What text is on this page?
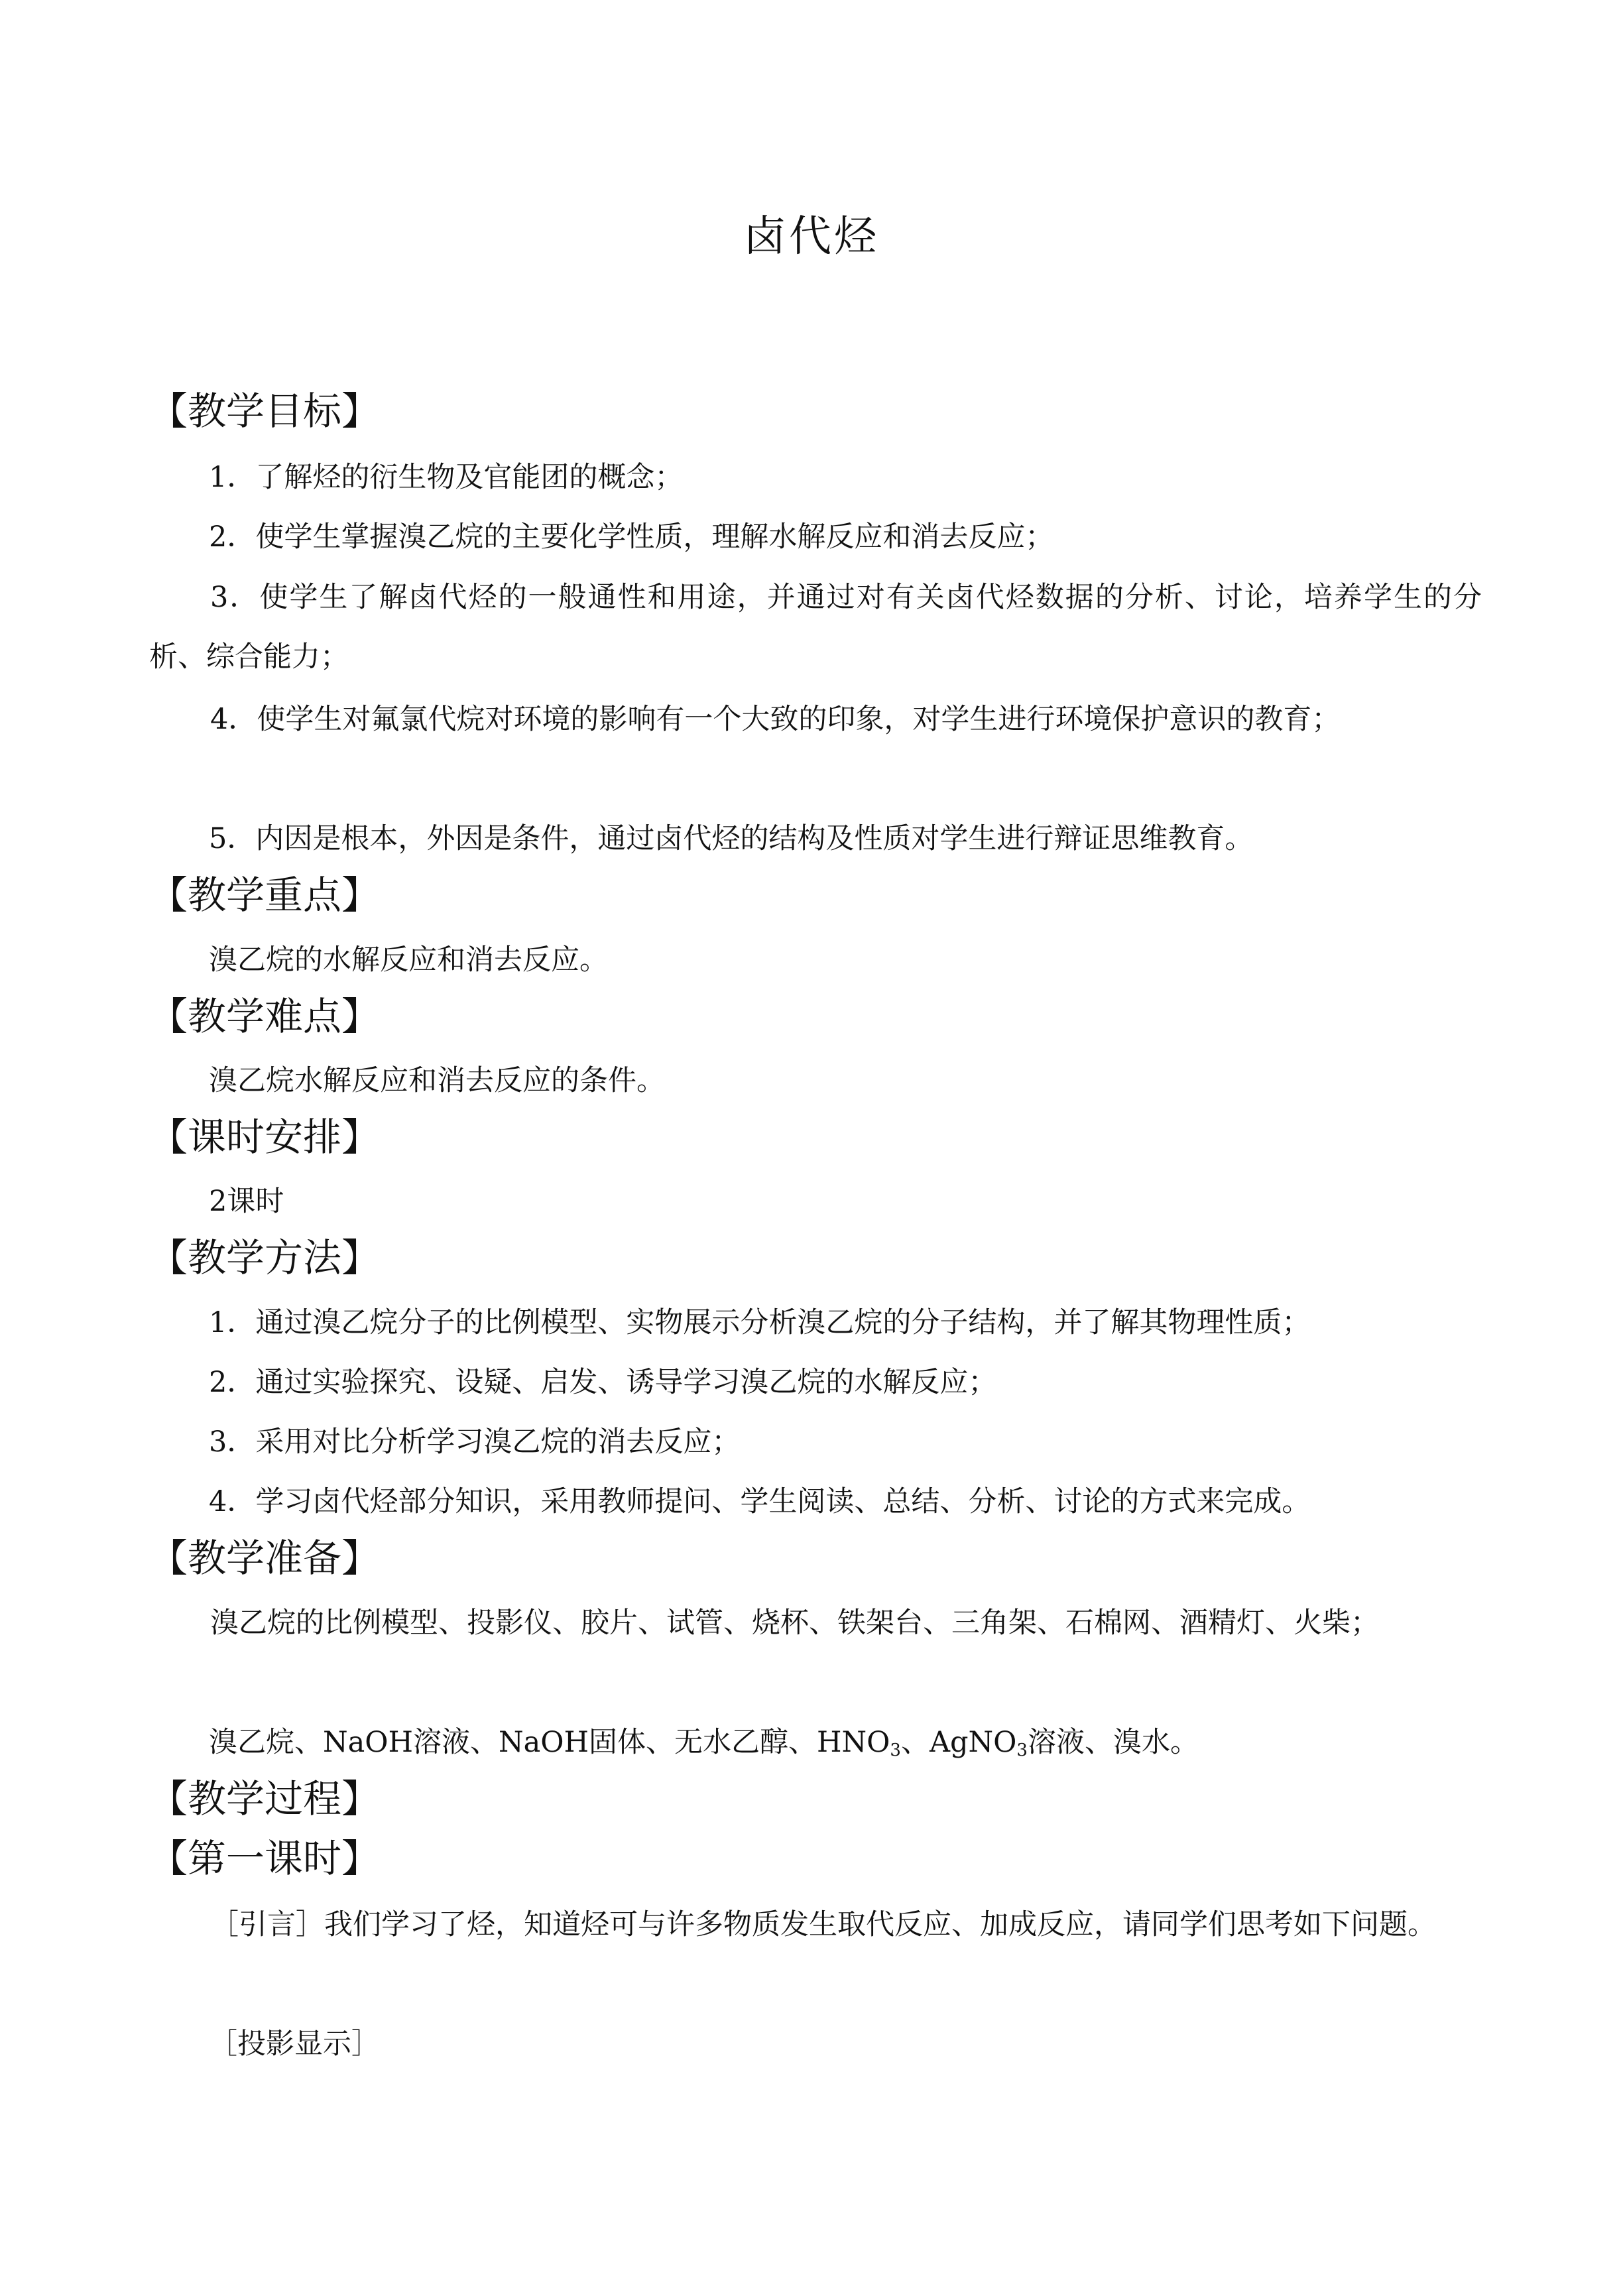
卤代烃
【教学目标】
1．了解烃的衍生物及官能团的概念；
2．使学生掌握溴乙烷的主要化学性质，理解水解反应和消去反应；
3．使学生了解卤代烃的一般通性和用途，并通过对有关卤代烃数据的分析、讨论，培养学生的分析、综合能力；
4．使学生对氟氯代烷对环境的影响有一个大致的印象，对学生进行环境保护意识的教育；
5．内因是根本，外因是条件，通过卤代烃的结构及性质对学生进行辩证思维教育。
【教学重点】
溴乙烷的水解反应和消去反应。
【教学难点】
溴乙烷水解反应和消去反应的条件。
【课时安排】
2课时
【教学方法】
1．通过溴乙烷分子的比例模型、实物展示分析溴乙烷的分子结构，并了解其物理性质；
2．通过实验探究、设疑、启发、诱导学习溴乙烷的水解反应；
3．采用对比分析学习溴乙烷的消去反应；
4．学习卤代烃部分知识，采用教师提问、学生阅读、总结、分析、讨论的方式来完成。
【教学准备】
溴乙烷的比例模型、投影仪、胶片、试管、烧杯、铁架台、三角架、石棉网、酒精灯、火柴；
溴乙烷、NaOH溶液、NaOH固体、无水乙醇、$HNO_3$、AgNO$_3$溶液、溴水。
【教学过程】
【第一课时】
［引言］我们学习了烃，知道烃可与许多物质发生取代反应、加成反应，请同学们思考如下问题。
［投影显示］
